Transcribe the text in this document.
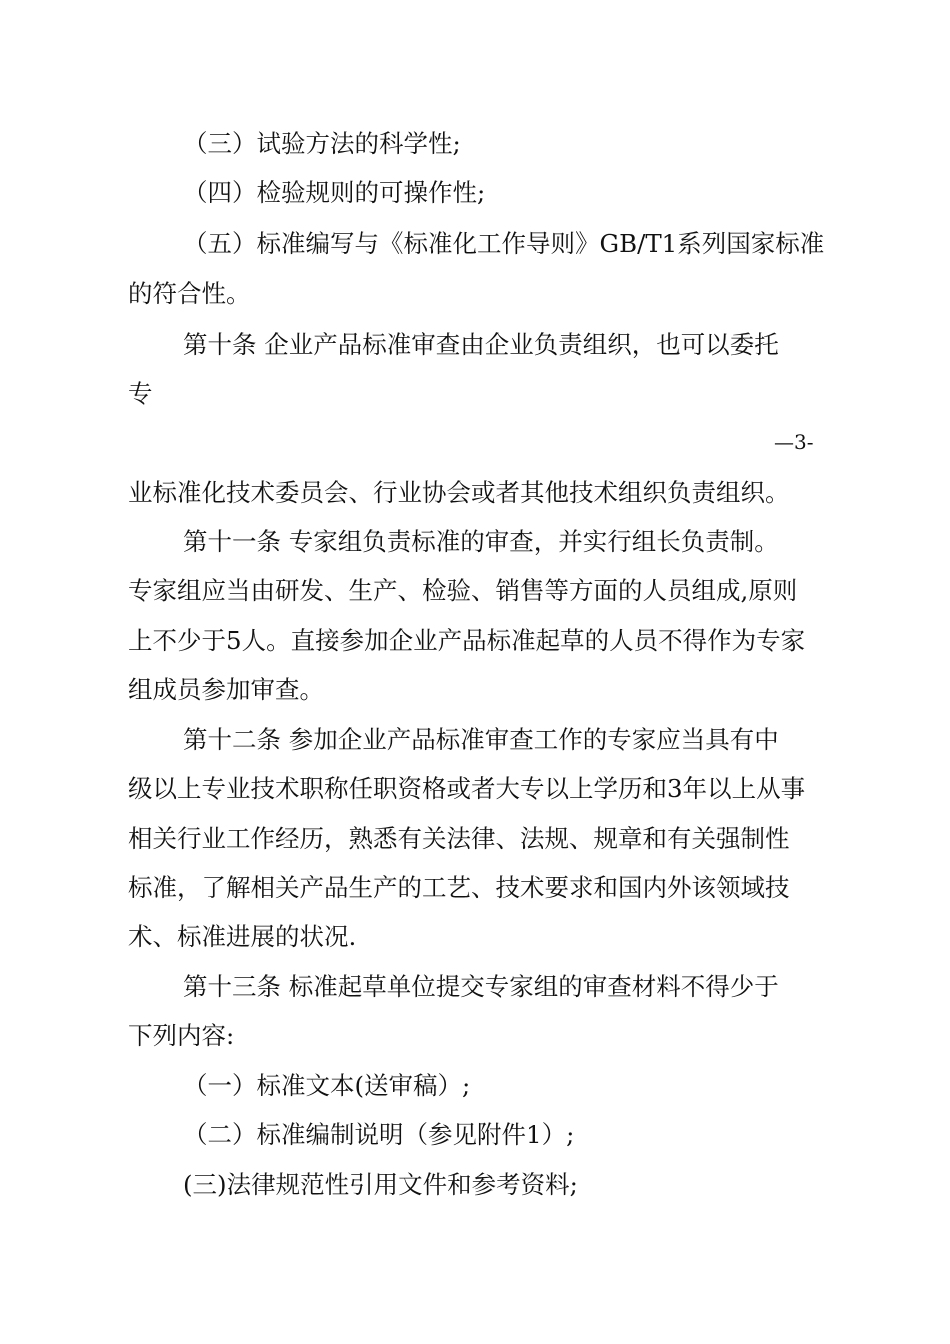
（三）试验方法的科学性;
（四）检验规则的可操作性;
（五）标准编写与《标准化工作导则》GB/T1系列国家标准
的符合性。
第十条 企业产品标准审查由企业负责组织，也可以委托
专
—3-
业标准化技术委员会、行业协会或者其他技术组织负责组织。
第十一条 专家组负责标准的审查，并实行组长负责制。
专家组应当由研发、生产、检验、销售等方面的人员组成,原则
上不少于5人。直接参加企业产品标准起草的人员不得作为专家
组成员参加审查。
第十二条 参加企业产品标准审查工作的专家应当具有中
级以上专业技术职称任职资格或者大专以上学历和3年以上从事
相关行业工作经历，熟悉有关法律、法规、规章和有关强制性
标准，了解相关产品生产的工艺、技术要求和国内外该领域技
术、标准进展的状况.
第十三条 标准起草单位提交专家组的审查材料不得少于
下列内容:
（一）标准文本(送审稿）;
（二）标准编制说明（参见附件1）;
(三)法律规范性引用文件和参考资料;
